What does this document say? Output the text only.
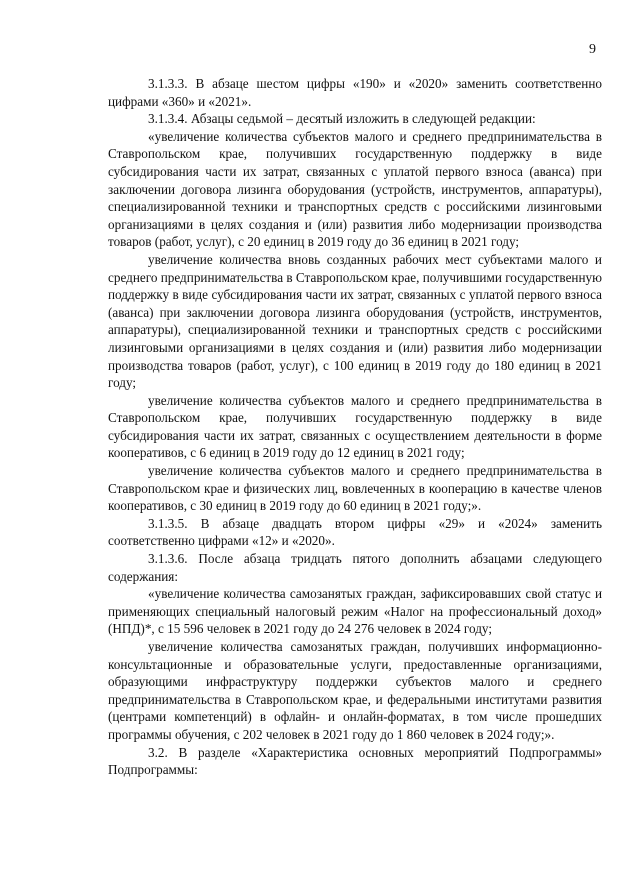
9

3.1.3.3. В абзаце шестом цифры «190» и «2020» заменить соответственно цифрами «360» и «2021».

3.1.3.4. Абзацы седьмой – десятый изложить в следующей редакции:

«увеличение количества субъектов малого и среднего предпринимательства в Ставропольском крае, получивших государственную поддержку в виде субсидирования части их затрат, связанных с уплатой первого взноса (аванса) при заключении договора лизинга оборудования (устройств, инструментов, аппаратуры), специализированной техники и транспортных средств с российскими лизинговыми организациями в целях создания и (или) развития либо модернизации производства товаров (работ, услуг), с 20 единиц в 2019 году до 36 единиц в 2021 году;

увеличение количества вновь созданных рабочих мест субъектами малого и среднего предпринимательства в Ставропольском крае, получившими государственную поддержку в виде субсидирования части их затрат, связанных с уплатой первого взноса (аванса) при заключении договора лизинга оборудования (устройств, инструментов, аппаратуры), специализированной техники и транспортных средств с российскими лизинговыми организациями в целях создания и (или) развития либо модернизации производства товаров (работ, услуг), с 100 единиц в 2019 году до 180 единиц в 2021 году;

увеличение количества субъектов малого и среднего предпринимательства в Ставропольском крае, получивших государственную поддержку в виде субсидирования части их затрат, связанных с осуществлением деятельности в форме кооперативов, с 6 единиц в 2019 году до 12 единиц в 2021 году;

увеличение количества субъектов малого и среднего предпринимательства в Ставропольском крае и физических лиц, вовлеченных в кооперацию в качестве членов кооперативов, с 30 единиц в 2019 году до 60 единиц в 2021 году;».

3.1.3.5. В абзаце двадцать втором цифры «29» и «2024» заменить соответственно цифрами «12» и «2020».

3.1.3.6. После абзаца тридцать пятого дополнить абзацами следующего содержания:

«увеличение количества самозанятых граждан, зафиксировавших свой статус и применяющих специальный налоговый режим «Налог на профессиональный доход» (НПД)*, с 15 596 человек в 2021 году до 24 276 человек в 2024 году;

увеличение количества самозанятых граждан, получивших информационно-консультационные и образовательные услуги, предоставленные организациями, образующими инфраструктуру поддержки субъектов малого и среднего предпринимательства в Ставропольском крае, и федеральными институтами развития (центрами компетенций) в офлайн- и онлайн-форматах, в том числе прошедших программы обучения, с 202 человек в 2021 году до 1 860 человек в 2024 году;».

3.2. В разделе «Характеристика основных мероприятий Подпрограммы» Подпрограммы:
